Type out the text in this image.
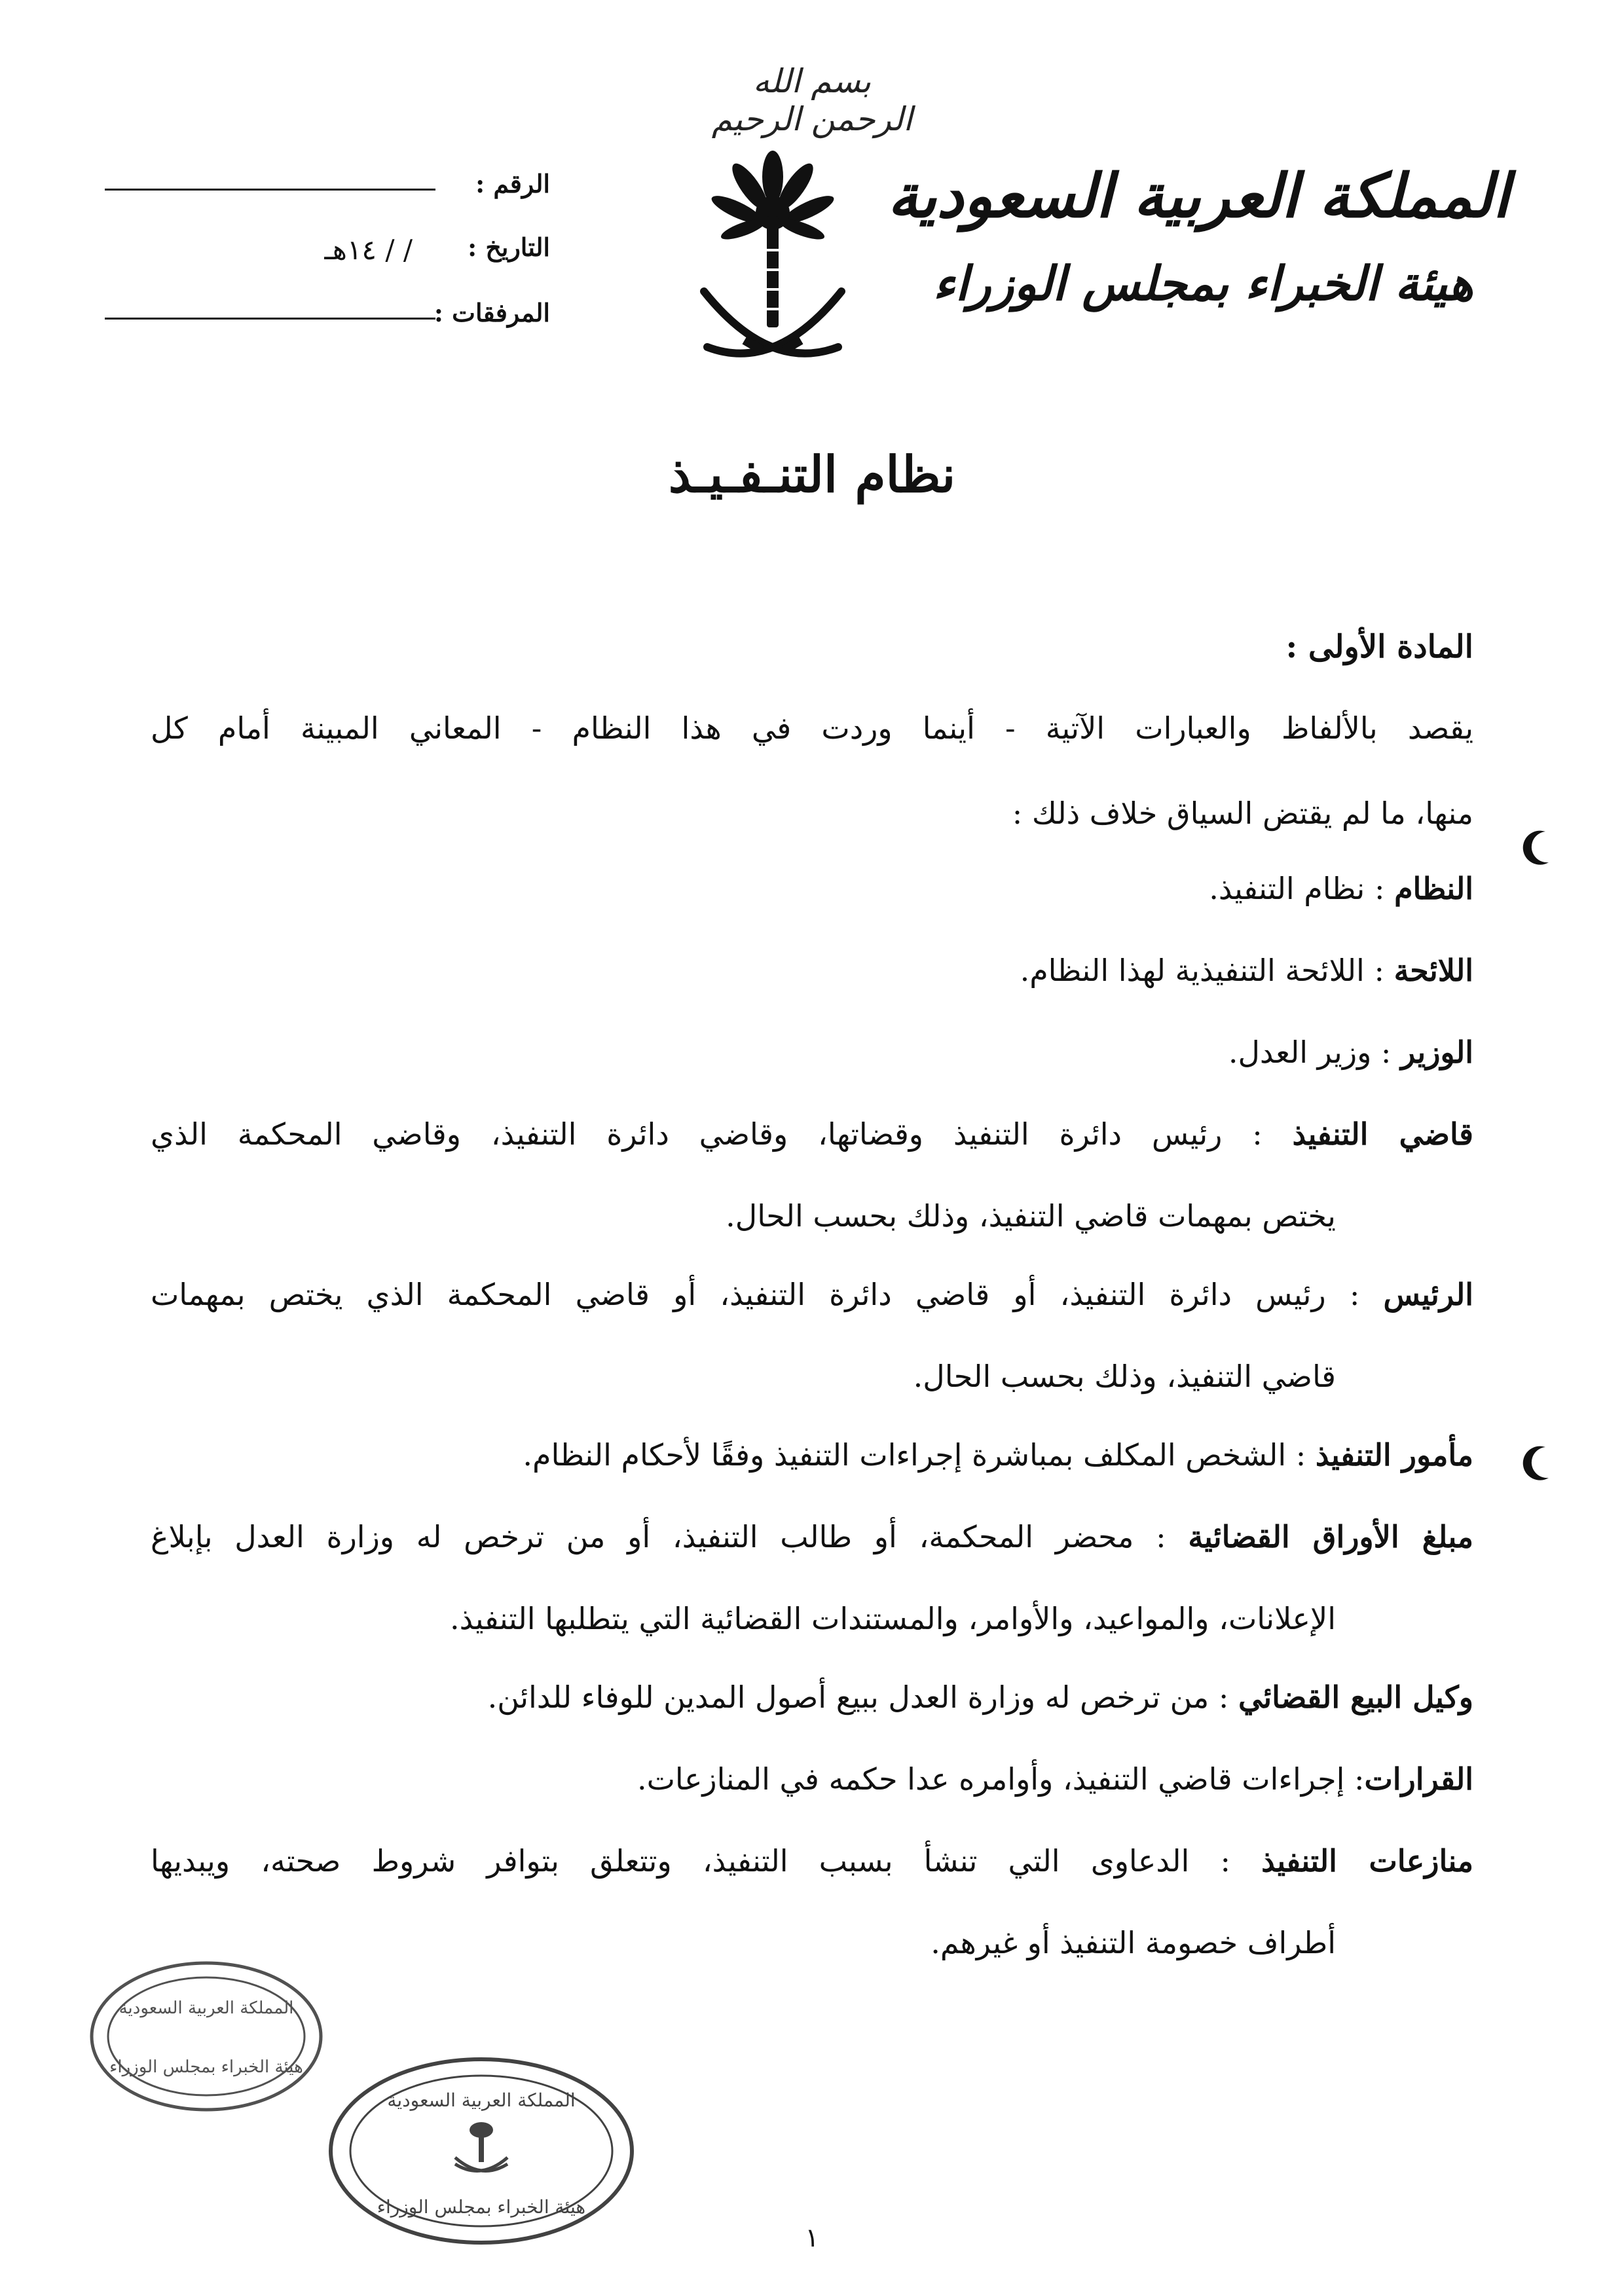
بسم الله الرحمن الرحيم
المملكة العربية السعودية
هيئة الخبراء بمجلس الوزراء
الرقم :
التاريخ :
/ / ١٤هـ
المرفقات :
نظام التنـفـيـذ
المادة الأولى :
يقصد بالألفاظ والعبارات الآتية - أينما وردت في هذا النظام - المعاني المبينة أمام كل
منها، ما لم يقتض السياق خلاف ذلك :
النظام : نظام التنفيذ.
اللائحة : اللائحة التنفيذية لهذا النظام.
الوزير : وزير العدل.
قاضي التنفيذ : رئيس دائرة التنفيذ وقضاتها، وقاضي دائرة التنفيذ، وقاضي المحكمة الذي
يختص بمهمات قاضي التنفيذ، وذلك بحسب الحال.
الرئيس : رئيس دائرة التنفيذ، أو قاضي دائرة التنفيذ، أو قاضي المحكمة الذي يختص بمهمات
قاضي التنفيذ، وذلك بحسب الحال.
مأمور التنفيذ : الشخص المكلف بمباشرة إجراءات التنفيذ وفقًا لأحكام النظام.
مبلغ الأوراق القضائية : محضر المحكمة، أو طالب التنفيذ، أو من ترخص له وزارة العدل بإبلاغ
الإعلانات، والمواعيد، والأوامر، والمستندات القضائية التي يتطلبها التنفيذ.
وكيل البيع القضائي : من ترخص له وزارة العدل ببيع أصول المدين للوفاء للدائن.
القرارات: إجراءات قاضي التنفيذ، وأوامره عدا حكمه في المنازعات.
منازعات التنفيذ : الدعاوى التي تنشأ بسبب التنفيذ، وتتعلق بتوافر شروط صحته، ويبديها
أطراف خصومة التنفيذ أو غيرهم.
المملكة العربية السعودية
هيئة الخبراء بمجلس الوزراء
المملكة العربية السعودية
هيئة الخبراء بمجلس الوزراء
١
